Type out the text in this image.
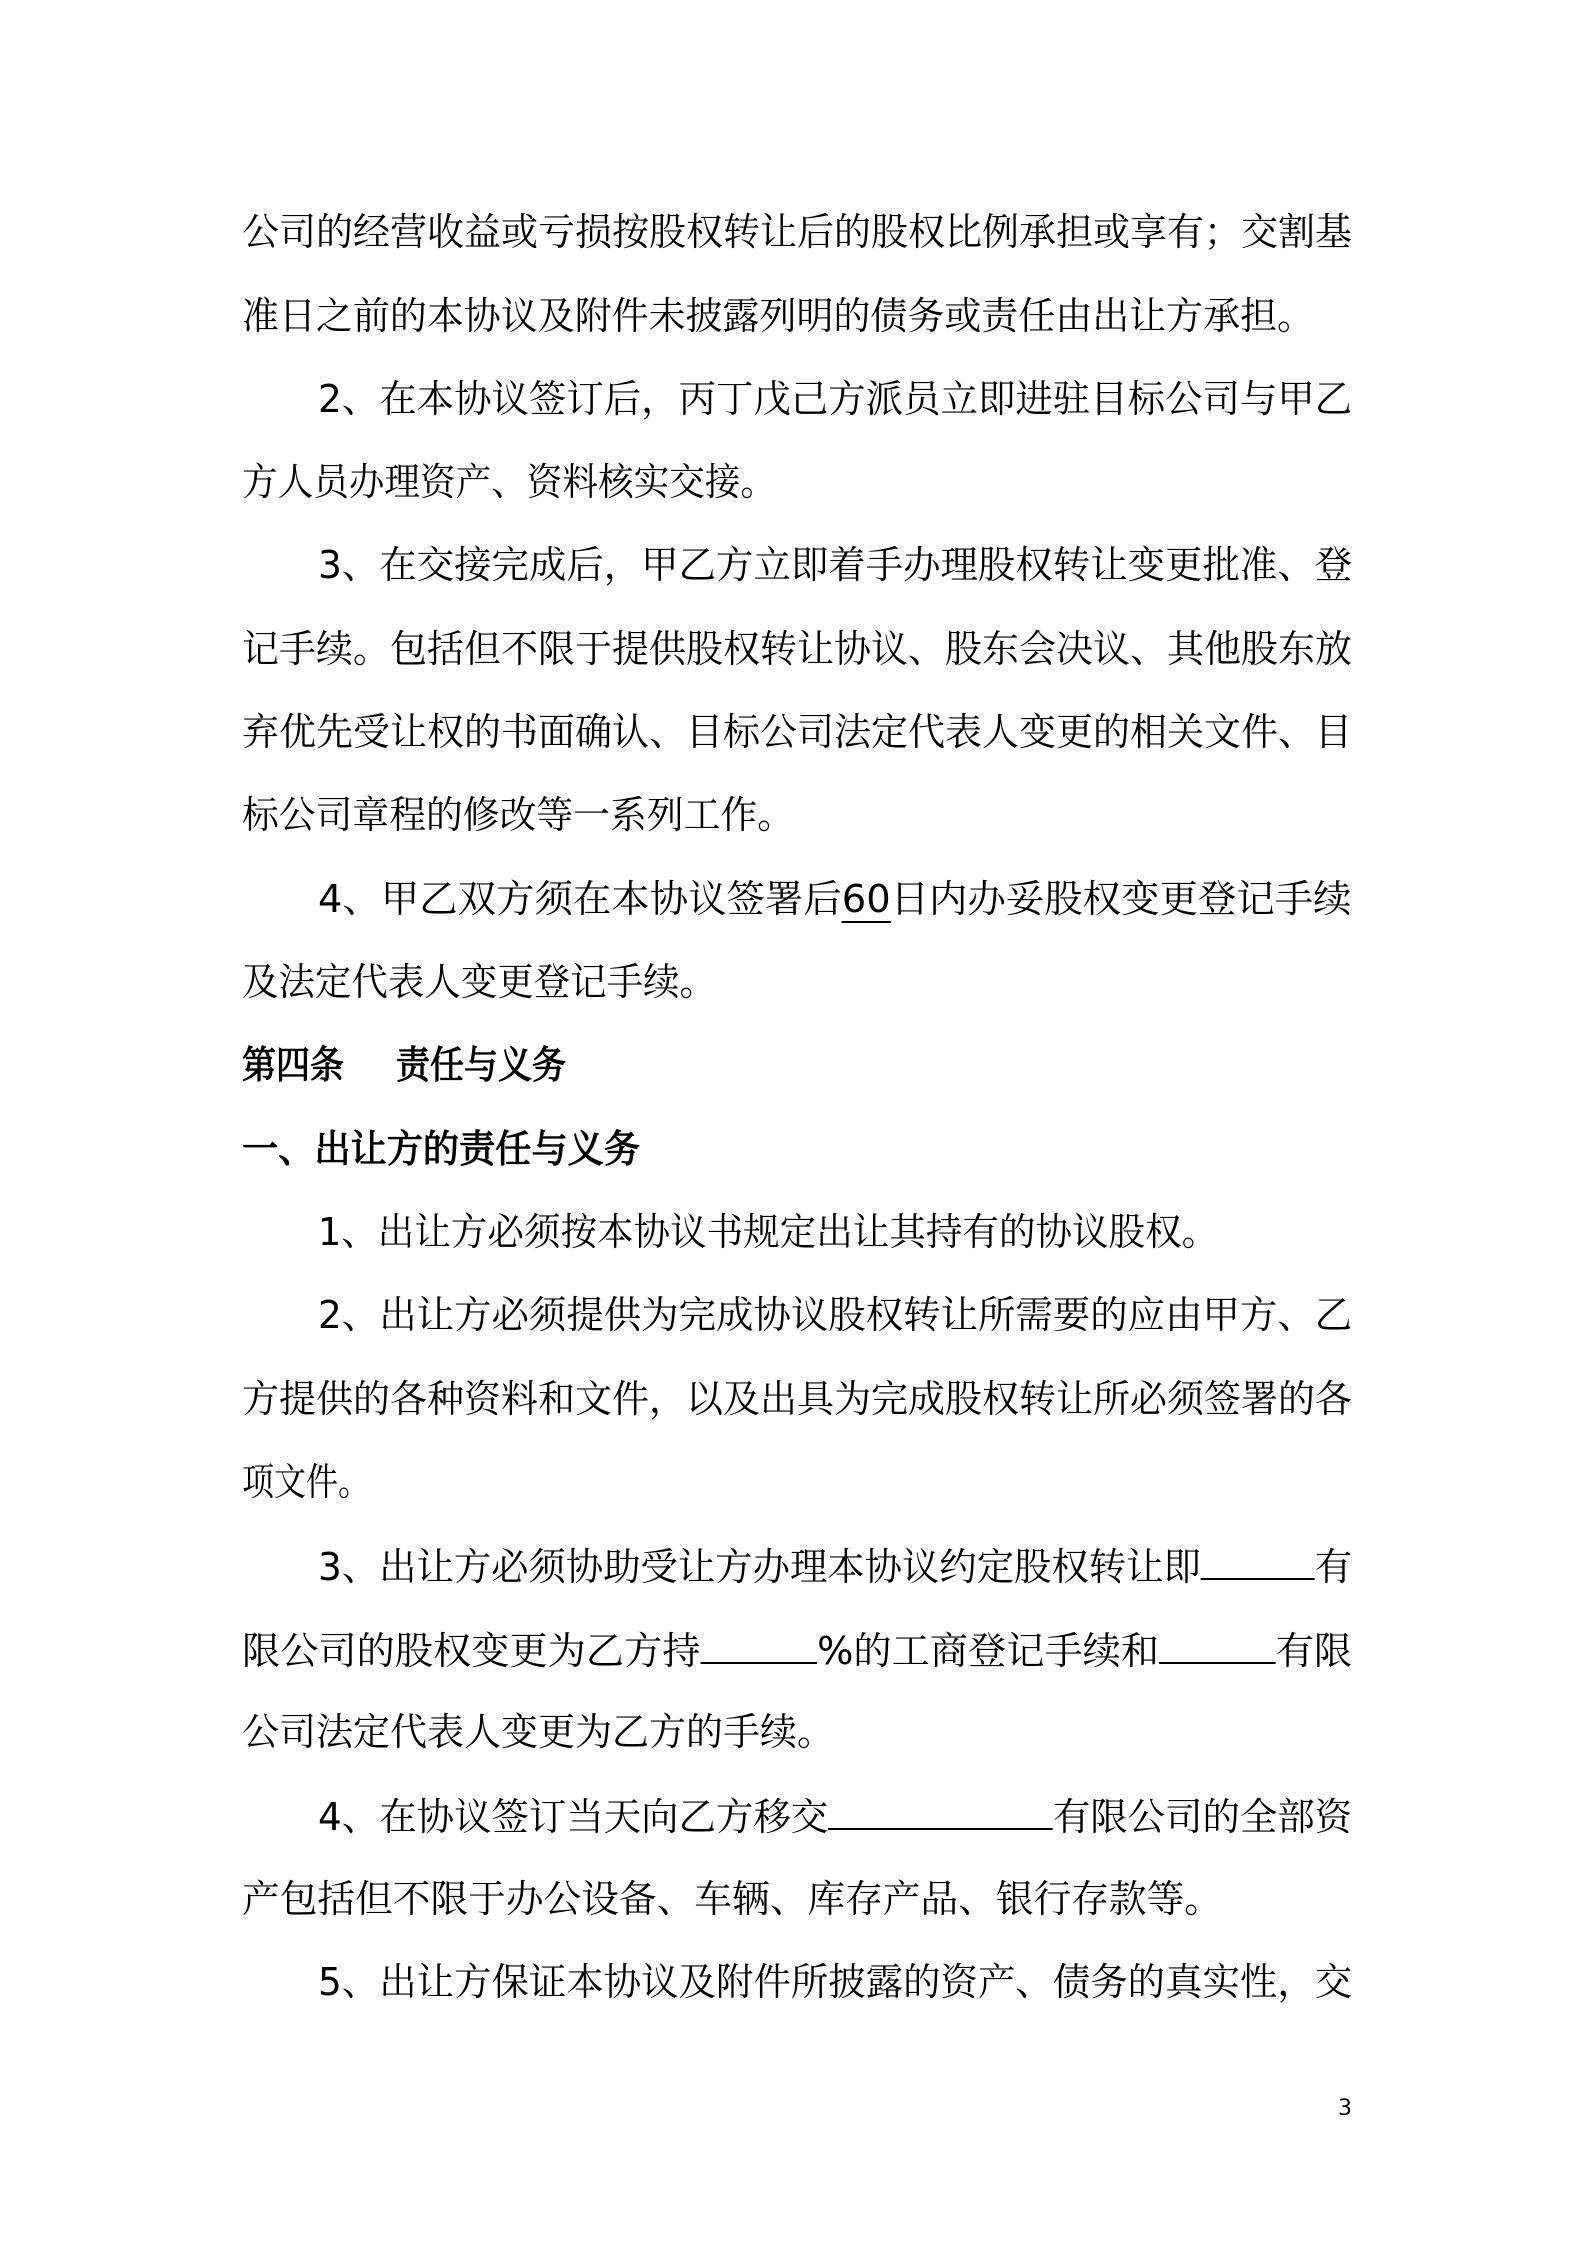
公司的经营收益或亏损按股权转让后的股权比例承担或享有；交割基
准日之前的本协议及附件未披露列明的债务或责任由出让方承担。
2、在本协议签订后，丙丁戊己方派员立即进驻目标公司与甲乙
方人员办理资产、资料核实交接。
3、在交接完成后，甲乙方立即着手办理股权转让变更批准、登
记手续。包括但不限于提供股权转让协议、股东会决议、其他股东放
弃优先受让权的书面确认、目标公司法定代表人变更的相关文件、目
标公司章程的修改等一系列工作。
4、甲乙双方须在本协议签署后60日内办妥股权变更登记手续
及法定代表人变更登记手续。
第四条 责任与义务
一、出让方的责任与义务
1、出让方必须按本协议书规定出让其持有的协议股权。
2、出让方必须提供为完成协议股权转让所需要的应由甲方、乙
方提供的各种资料和文件，以及出具为完成股权转让所必须签署的各
项文件。
3、出让方必须协助受让方办理本协议约定股权转让即	有
限公司的股权变更为乙方持	%的工商登记手续和	有限
公司法定代表人变更为乙方的手续。
4、在协议签订当天向乙方移交	有限公司的全部资
产包括但不限于办公设备、车辆、库存产品、银行存款等。
5、出让方保证本协议及附件所披露的资产、债务的真实性，交
3
